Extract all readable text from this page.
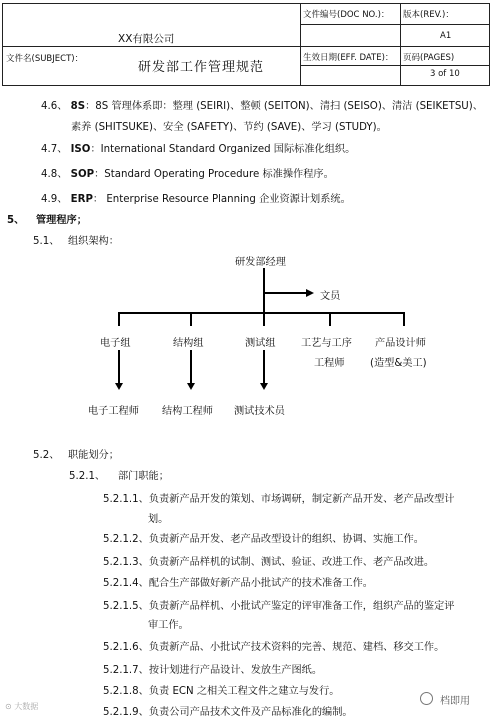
XX有限公司
文件编号(DOC NO.)： 版本(REV.)：
A1
文件名(SUBJECT)：
研发部工作管理规范
生效日期(EFF. DATE)： 页码(PAGES)
3 of 10
4.6、 8S：8S 管理体系即：整理 (SEIRI)、整顿 (SEITON)、清扫 (SEISO)、清洁 (SEIKETSU)、
素养 (SHITSUKE)、安全 (SAFETY)、节约 (SAVE)、学习 (STUDY)。
4.7、 ISO：International Standard Organized 国际标准化组织。
4.8、 SOP：Standard Operating Procedure 标准操作程序。
4.9、 ERP： Enterprise Resource Planning 企业资源计划系统。
5、 管理程序；
5.1、 组织架构：
研发部经理
文员
电子组	结构组	测试组 工艺与工序
工程师
产品设计师
(造型&美工)
电子工程师 结构工程师 测试技术员
5.2、 职能划分；
5.2.1、 部门职能；
5.2.1.1、负责新产品开发的策划、市场调研，制定新产品开发、老产品改型计
划。
5.2.1.2、负责新产品开发、老产品改型设计的组织、协调、实施工作。
5.2.1.3、负责新产品样机的试制、测试、验证、改进工作、老产品改进。
5.2.1.4、配合生产部做好新产品小批试产的技术准备工作。
5.2.1.5、负责新产品样机、小批试产鉴定的评审准备工作，组织产品的鉴定评
审工作。
5.2.1.6、负责新产品、小批试产技术资料的完善、规范、建档、移交工作。
5.2.1.7、按计划进行产品设计、发放生产图纸。
5.2.1.8、负责 ECN 之相关工程文件之建立与发行。
5.2.1.9、负责公司产品技术文件及产品标准化的编制。
⊙ 大数据	档即用
